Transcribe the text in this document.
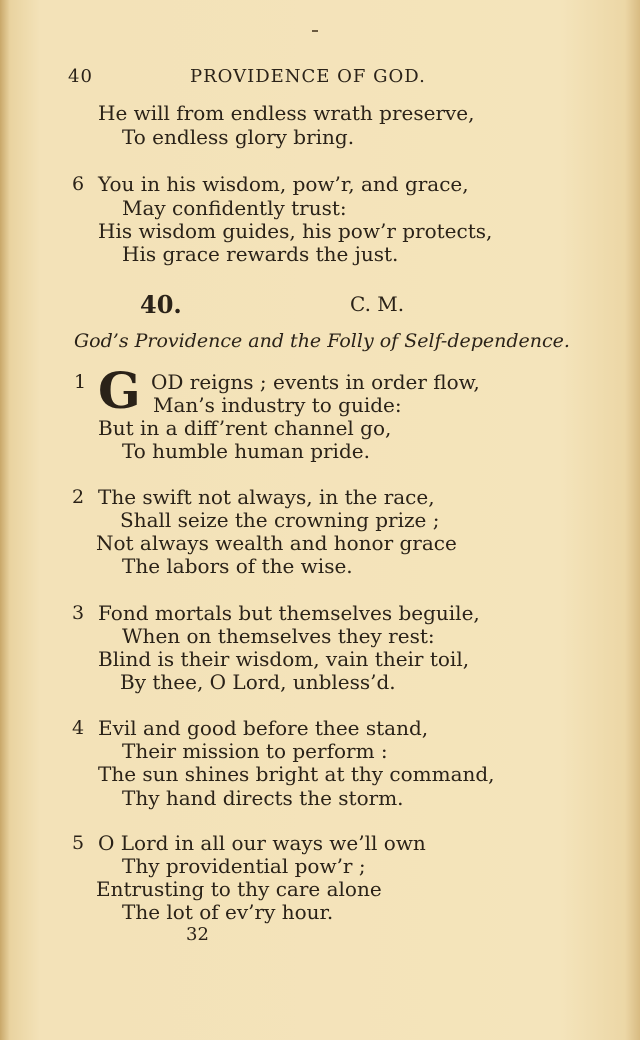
40	PROVIDENCE OF GOD.
He will from endless wrath preserve,
To endless glory bring.
6 You in his wisdom, pow’r, and grace,
May confidently trust:
His wisdom guides, his pow’r protects,
His grace rewards the just.
40.	C. M.
God’s Providence and the Folly of Self-dependence.
1 G OD reigns ; events in order flow,
Man’s industry to guide:
But in a diff’rent channel go,
To humble human pride.
2 The swift not always, in the race,
Shall seize the crowning prize ;
Not always wealth and honor grace
The labors of the wise.
3 Fond mortals but themselves beguile,
When on themselves they rest:
Blind is their wisdom, vain their toil,
By thee, O Lord, unbless’d.
4 Evil and good before thee stand,
Their mission to perform :
The sun shines bright at thy command,
Thy hand directs the storm.
5 O Lord in all our ways we’ll own
Thy providential pow’r ;
Entrusting to thy care alone
The lot of ev’ry hour.
32
